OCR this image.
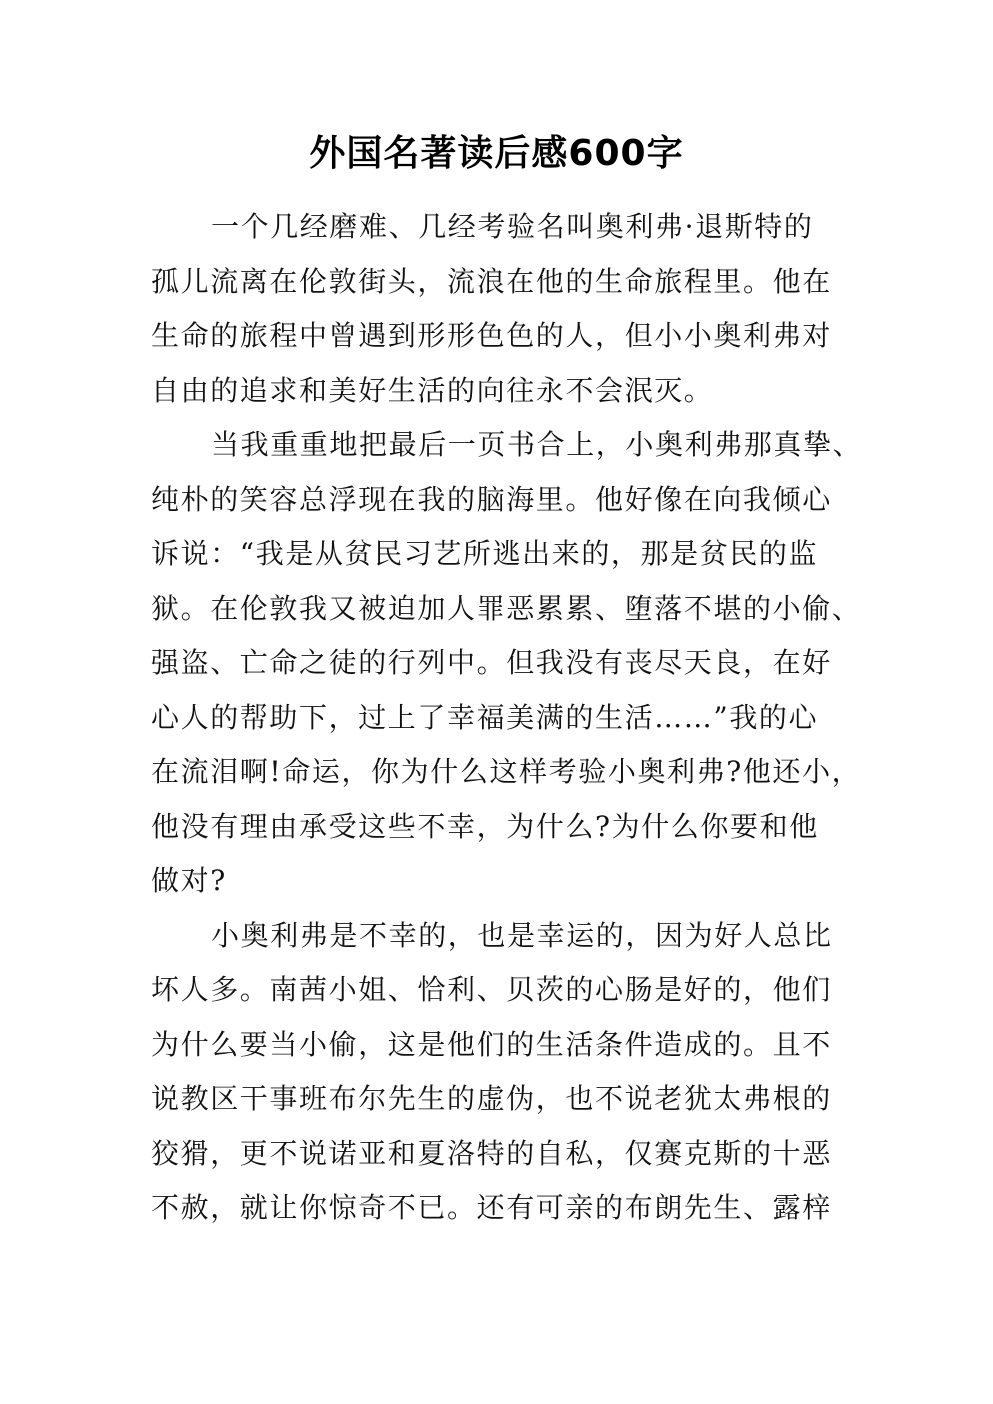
外国名著读后感600字
一个几经磨难、几经考验名叫奥利弗·退斯特的
孤儿流离在伦敦街头，流浪在他的生命旅程里。他在
生命的旅程中曾遇到形形色色的人，但小小奥利弗对
自由的追求和美好生活的向往永不会泯灭。
当我重重地把最后一页书合上，小奥利弗那真挚、
纯朴的笑容总浮现在我的脑海里。他好像在向我倾心
诉说：“我是从贫民习艺所逃出来的，那是贫民的监
狱。在伦敦我又被迫加人罪恶累累、堕落不堪的小偷、
强盗、亡命之徒的行列中。但我没有丧尽天良，在好
心人的帮助下，过上了幸福美满的生活……”我的心
在流泪啊!命运，你为什么这样考验小奥利弗?他还小，
他没有理由承受这些不幸，为什么?为什么你要和他
做对?
小奥利弗是不幸的，也是幸运的，因为好人总比
坏人多。南茜小姐、恰利、贝茨的心肠是好的，他们
为什么要当小偷，这是他们的生活条件造成的。且不
说教区干事班布尔先生的虚伪，也不说老犹太弗根的
狡猾，更不说诺亚和夏洛特的自私，仅赛克斯的十恶
不赦，就让你惊奇不已。还有可亲的布朗先生、露梓
